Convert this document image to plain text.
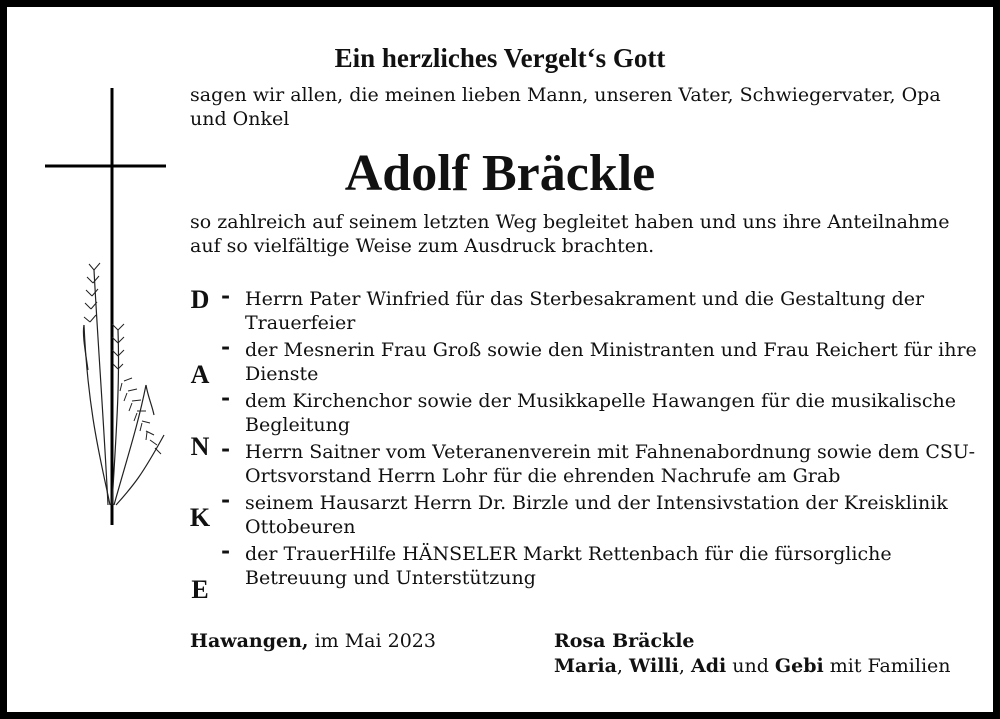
Ein herzliches Vergelt‘s Gott

sagen wir allen, die meinen lieben Mann, unseren Vater, Schwiegervater, Opa und Onkel

Adolf Bräckle

so zahlreich auf seinem letzten Weg begleitet haben und uns ihre Anteilnahme auf so vielfältige Weise zum Ausdruck brachten.

D
A
N
K
E
- Herrn Pater Winfried für das Sterbesakrament und die Gestaltung der Trauerfeier
- der Mesnerin Frau Groß sowie den Ministranten und Frau Reichert für ihre Dienste
- dem Kirchenchor sowie der Musikkapelle Hawangen für die musikalische Begleitung
- Herrn Saitner vom Veteranenverein mit Fahnenabordnung sowie dem CSU-Ortsvorstand Herrn Lohr für die ehrenden Nachrufe am Grab
- seinem Hausarzt Herrn Dr. Birzle und der Intensivstation der Kreisklinik Ottobeuren
- der TrauerHilfe HÄNSELER Markt Rettenbach für die fürsorgliche Betreuung und Unterstützung
Hawangen, im Mai 2023	Rosa Bräckle
Maria, Willi, Adi und Gebi mit Familien
